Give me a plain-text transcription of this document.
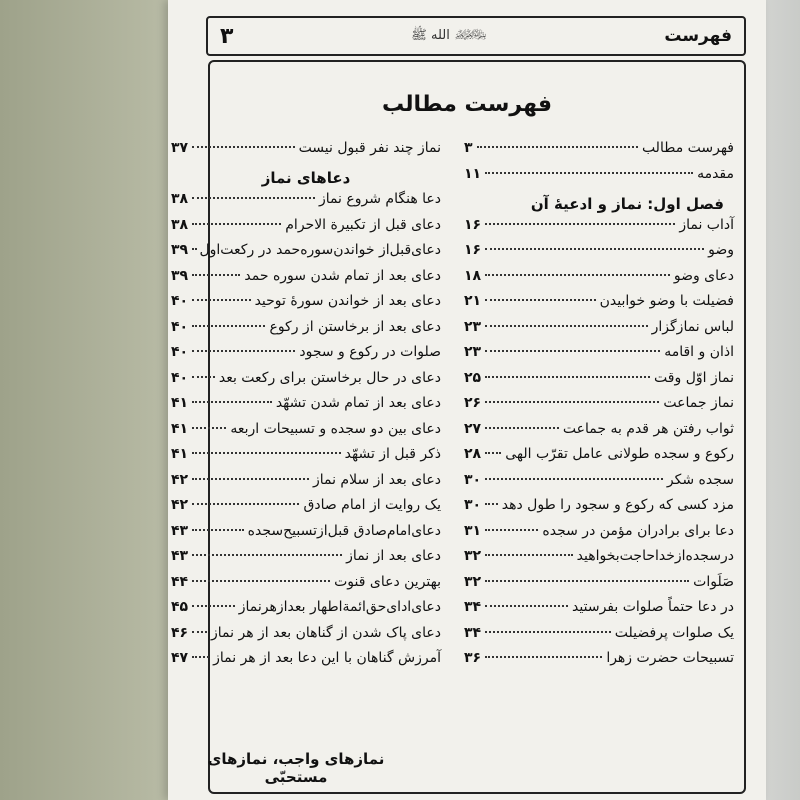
فهرست
﷽ الله ﷺ
۳
فهرست مطالب
فهرست مطالب
۳
مقدمه
۱۱
فصل اول: نماز و ادعيهٔ آن
آداب نماز
۱۶
وضو
۱۶
دعای وضو
۱۸
فضیلت با وضو خوابیدن
۲۱
لباس نمازگزار
۲۳
اذان و اقامه
۲۳
نماز اوّل وقت
۲۵
نماز جماعت
۲۶
ثواب رفتن هر قدم به جماعت
۲۷
رکوع و سجده طولانی عامل تقرّب الهی
۲۸
سجده شکر
۳۰
مزد کسی که رکوع و سجود را طول دهد
۳۰
دعا برای برادران مؤمن در سجده
۳۱
درسجده‌ازخداحاجت‌بخواهید
۳۲
صَلَوات
۳۲
در دعا حتماً صلوات بفرستید
۳۴
یک صلوات پرفضیلت
۳۴
تسبیحات حضرت زهرا
۳۶
نماز چند نفر قبول نیست
۳۷
دعاهای نماز
دعا هنگام شروع نماز
۳۸
دعای قبل از تکبیرة الاحرام
۳۸
دعای‌قبل‌از خواندن‌سوره‌حمد در رکعت‌اول
۳۹
دعای بعد از تمام شدن سوره حمد
۳۹
دعای بعد از خواندن سورهٔ توحید
۴۰
دعای بعد از برخاستن از رکوع
۴۰
صلوات در رکوع و سجود
۴۰
دعای در حال برخاستن برای رکعت بعد
۴۰
دعای بعد از تمام شدن تشهّد
۴۱
دعای بین دو سجده و تسبیحات اربعه
۴۱
ذکر قبل از تشهّد
۴۱
دعای بعد از سلام نماز
۴۲
یک روایت از امام صادق
۴۲
دعای‌امام‌صادق قبل‌ازتسبیح‌سجده
۴۳
دعای بعد از نماز
۴۳
بهترین دعای قنوت
۴۴
دعای‌ادای‌حق‌ائمةاطهار بعدازهرنماز
۴۵
دعای پاک شدن از گناهان بعد از هر نماز
۴۶
آمرزش گناهان با این دعا بعد از هر نماز
۴۷
نمازهای واجب، نمازهای مستحبّی
